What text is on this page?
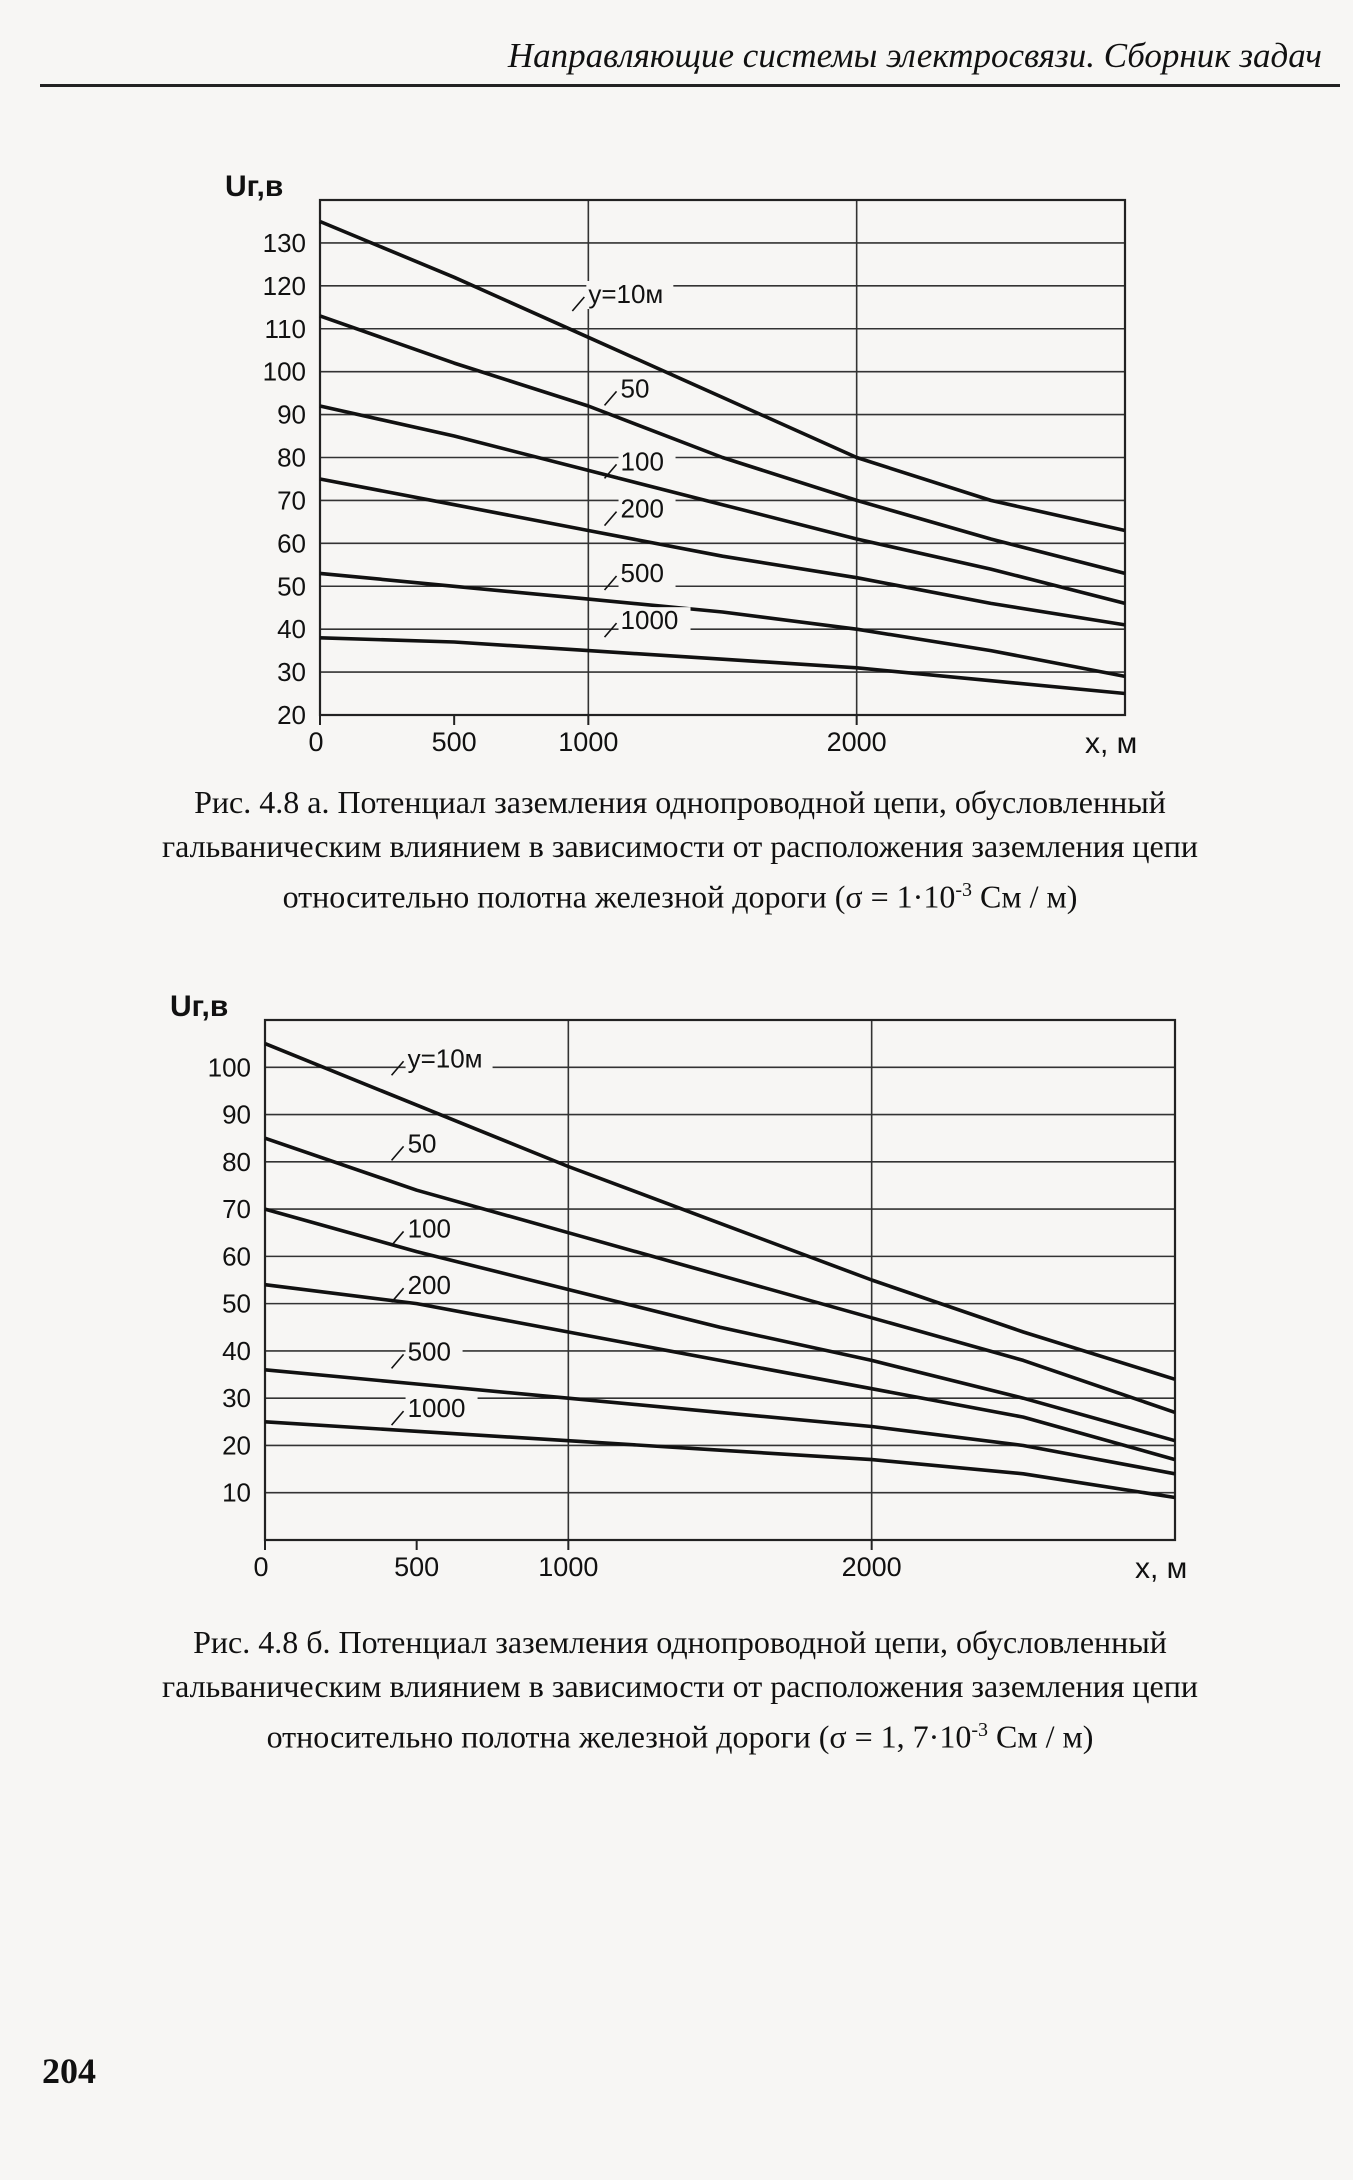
Направляющие системы электросвязи. Сборник задач
20
30
40
50
60
70
80
90
100
110
120
130
0	500	1000	2000
Uг,в
х, м
у=10м
50
100
200
500
1000
Рис. 4.8 а. Потенциал заземления однопроводной цепи, обусловленный
гальваническим влиянием в зависимости от расположения заземления цепи
относительно полотна железной дороги ($\sigma = 1\cdot 10^{-3}$ См / м)
10
20
30
40
50
60
70
80
90
100
0	500	1000	2000
Uг,в
х, м
у=10м
50
100
200
500
1000
Рис. 4.8 б. Потенциал заземления однопроводной цепи, обусловленный
гальваническим влиянием в зависимости от расположения заземления цепи
относительно полотна железной дороги (σ = 1, $7\cdot 10^{-3}$ См / м)
204
